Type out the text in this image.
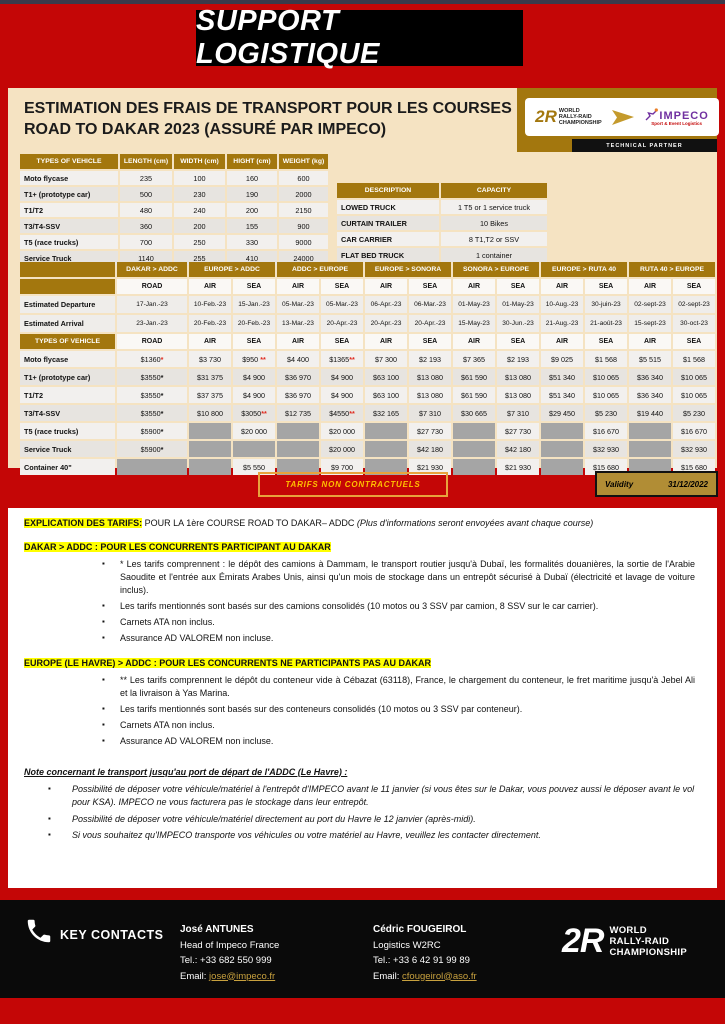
SUPPORT LOGISTIQUE
ESTIMATION DES FRAIS DE TRANSPORT POUR LES COURSES
ROAD TO DAKAR 2023 (ASSURÉ PAR IMPECO)
2R WORLD
RALLY-RAID
CHAMPIONSHIP
IMPECO
Sport & Event Logistics
TECHNICAL PARTNER
TYPES OF VEHICLE	LENGTH (cm)	WIDTH (cm)	HIGHT (cm)	WEIGHT (kg)
Moto flycase	235	100	160	600
T1+ (prototype car)	500	230	190	2000
T1/T2	480	240	200	2150
T3/T4-SSV	360	200	155	900
T5 (race trucks)	700	250	330	9000
Service Truck	1140	255	410	24000
DESCRIPTION	CAPACITY
LOWED TRUCK	1 T5 or 1 service truck
CURTAIN TRAILER	10 Bikes
CAR CARRIER	8 T1,T2 or SSV
FLAT BED TRUCK	1 container
	DAKAR > ADDC	EUROPE > ADDC		ADDC > EUROPE		EUROPE > SONORA		SONORA > EUROPE		EUROPE > RUTA 40		RUTA 40 > EUROPE	
	ROAD	AIR	SEA	AIR	SEA	AIR	SEA	AIR	SEA	AIR	SEA	AIR	SEA
Estimated Departure	17-Jan.-23	10-Feb.-23	15-Jan.-23	05-Mar.-23	05-Mar.-23	06-Apr.-23	06-Mar.-23	01-May-23	01-May-23	10-Aug.-23	30-juin-23	02-sept-23	02-sept-23
Estimated Arrival	23-Jan.-23	20-Feb.-23	20-Feb.-23	13-Mar.-23	20-Apr.-23	20-Apr.-23	20-Apr.-23	15-May-23	30-Jun.-23	21-Aug.-23	21-août-23	15-sept-23	30-oct-23
TYPES OF VEHICLE	ROAD	AIR	SEA	AIR	SEA	AIR	SEA	AIR	SEA	AIR	SEA	AIR	SEA
Moto flycase	$1360*	$3 730	$950 **	$4 400	$1365**	$7 300	$2 193	$7 365	$2 193	$9 025	$1 568	$5 515	$1 568
T1+ (prototype car)	$3550*	$31 375	$4 900	$36 970	$4 900	$63 100	$13 080	$61 590	$13 080	$51 340	$10 065	$36 340	$10 065
T1/T2	$3550*	$37 375	$4 900	$36 970	$4 900	$63 100	$13 080	$61 590	$13 080	$51 340	$10 065	$36 340	$10 065
T3/T4-SSV	$3550*	$10 800	$3050**	$12 735	$4550**	$32 165	$7 310	$30 665	$7 310	$29 450	$5 230	$19 440	$5 230
T5 (race trucks)	$5900*		$20 000		$20 000		$27 730		$27 730		$16 670		$16 670
Service Truck	$5900*				$20 000		$42 180		$42 180		$32 930		$32 930
Container 40"			$5 550		$9 700		$21 930		$21 930		$15 680		$15 680
TARIFS NON CONTRACTUELS	Validity	31/12/2022

EXPLICATION DES TARIFS: POUR LA 1ère COURSE ROAD TO DAKAR– ADDC (Plus d'informations seront envoyées avant chaque course)

DAKAR > ADDC : POUR LES CONCURRENTS PARTICIPANT AU DAKAR

▪ * Les tarifs comprennent : le dépôt des camions à Dammam, le transport routier jusqu'à Dubaï, les formalités douanières, la sortie de l'Arabie Saoudite et l'entrée aux Émirats Arabes Unis, ainsi qu'un mois de stockage dans un entrepôt sécurisé à Dubaï (électricité et lavage de voiture inclus).
▪ Les tarifs mentionnés sont basés sur des camions consolidés (10 motos ou 3 SSV par camion, 8 SSV sur le car carrier).
▪ Carnets ATA non inclus.
▪ Assurance AD VALOREM non incluse.

EUROPE (LE HAVRE) > ADDC : POUR LES CONCURRENTS NE PARTICIPANTS PAS AU DAKAR

▪ ** Les tarifs comprennent le dépôt du conteneur vide à Cébazat (63118), France, le chargement du conteneur, le fret maritime jusqu'à Jebel Ali et la livraison à Yas Marina.
▪ Les tarifs mentionnés sont basés sur des conteneurs consolidés (10 motos ou 3 SSV par conteneur).
▪ Carnets ATA non inclus.
▪ Assurance AD VALOREM non incluse.

Note concernant le transport jusqu'au port de départ de l'ADDC (Le Havre) :

▪ Possibilité de déposer votre véhicule/matériel à l'entrepôt d'IMPECO avant le 11 janvier (si vous êtes sur le Dakar, vous pouvez aussi le déposer avant le vol pour KSA). IMPECO ne vous facturera pas le stockage dans leur entrepôt.
▪ Possibilité de déposer votre véhicule/matériel directement au port du Havre le 12 janvier (après-midi).
▪ Si vous souhaitez qu'IMPECO transporte vos véhicules ou votre matériel au Havre, veuillez les contacter directement.
KEY CONTACTS José ANTUNES
Head of Impeco France
Tel.: +33 682 550 999
Email: jose@impeco.fr
Cédric FOUGEIROL
Logistics W2RC
Tel.: +33 6 42 91 99 89
Email: cfougeirol@aso.fr
2R WORLD
RALLY-RAID
CHAMPIONSHIP
